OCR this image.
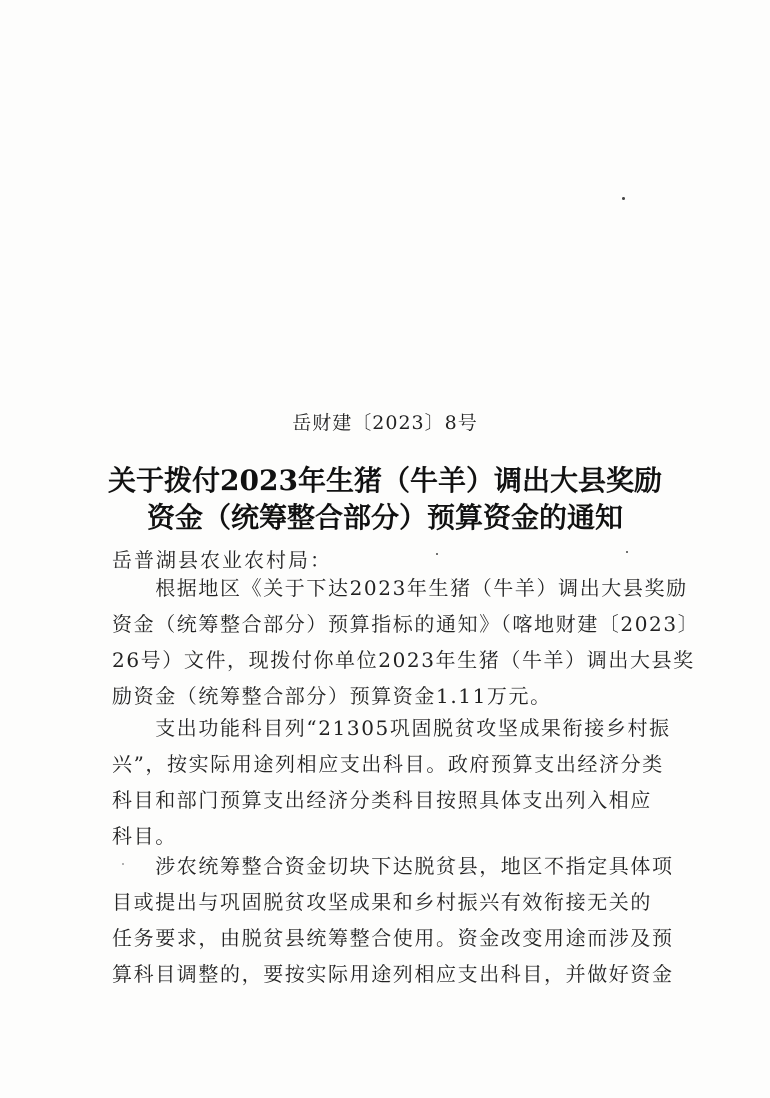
岳财建〔2023〕8号
关于拨付2023年生猪（牛羊）调出大县奖励
资金（统筹整合部分）预算资金的通知
岳普湖县农业农村局：
　　根据地区《关于下达2023年生猪（牛羊）调出大县奖励
资金（统筹整合部分）预算指标的通知》（喀地财建〔2023〕
26号）文件，现拨付你单位2023年生猪（牛羊）调出大县奖
励资金（统筹整合部分）预算资金1.11万元。
　　支出功能科目列“21305巩固脱贫攻坚成果衔接乡村振
兴”，按实际用途列相应支出科目。政府预算支出经济分类
科目和部门预算支出经济分类科目按照具体支出列入相应
科目。
　　涉农统筹整合资金切块下达脱贫县，地区不指定具体项
目或提出与巩固脱贫攻坚成果和乡村振兴有效衔接无关的
任务要求，由脱贫县统筹整合使用。资金改变用途而涉及预
算科目调整的，要按实际用途列相应支出科目，并做好资金
